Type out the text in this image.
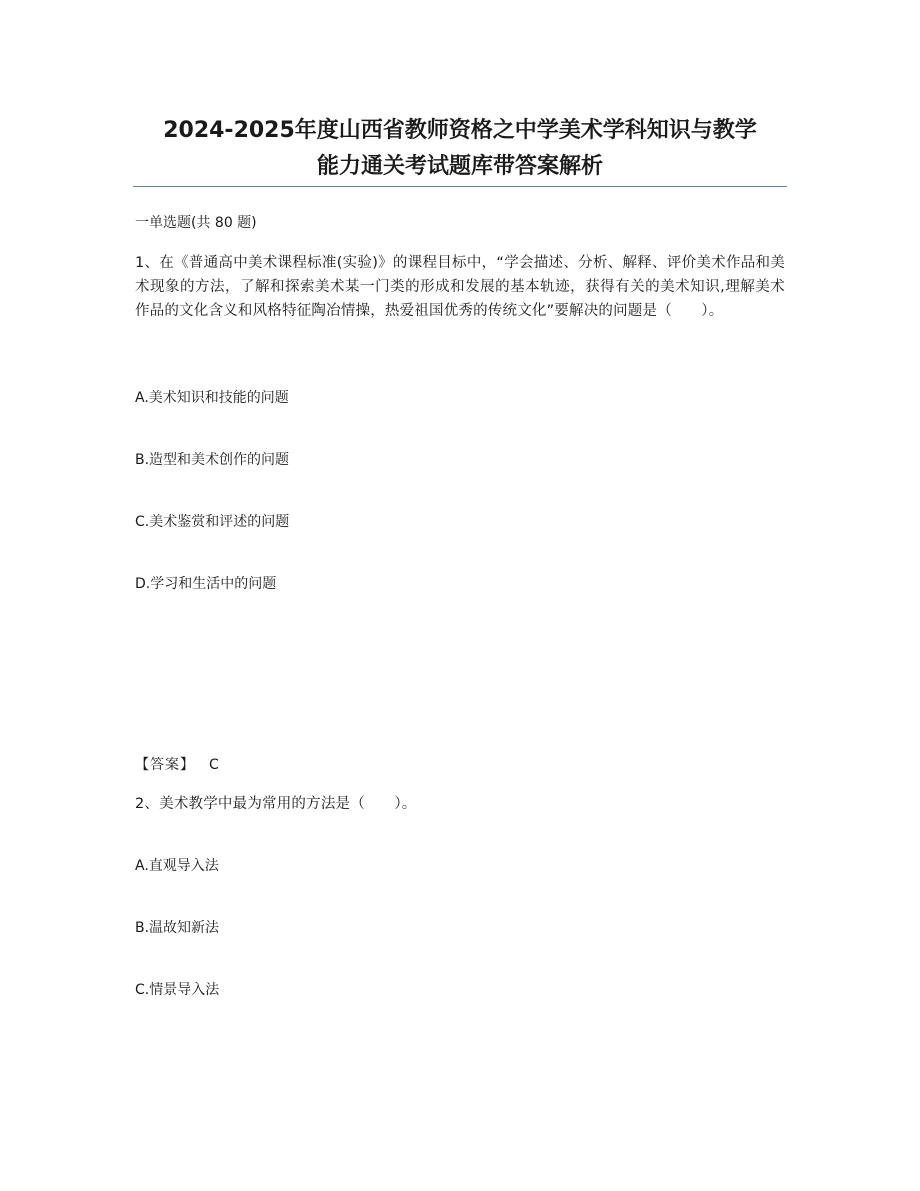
2024-2025年度山西省教师资格之中学美术学科知识与教学
能力通关考试题库带答案解析
一单选题(共 80 题)
1、在《普通高中美术课程标准(实验)》的课程目标中，“学会描述、分析、解释、评价美术作品和美术现象的方法，了解和探索美术某一门类的形成和发展的基本轨迹，获得有关的美术知识,理解美术作品的文化含义和风格特征陶冶情操，热爱祖国优秀的传统文化”要解决的问题是（　　）。
A.美术知识和技能的问题
B.造型和美术创作的问题
C.美术鉴赏和评述的问题
D.学习和生活中的问题
【答案】 C
2、美术教学中最为常用的方法是（　　）。
A.直观导入法
B.温故知新法
C.情景导入法
